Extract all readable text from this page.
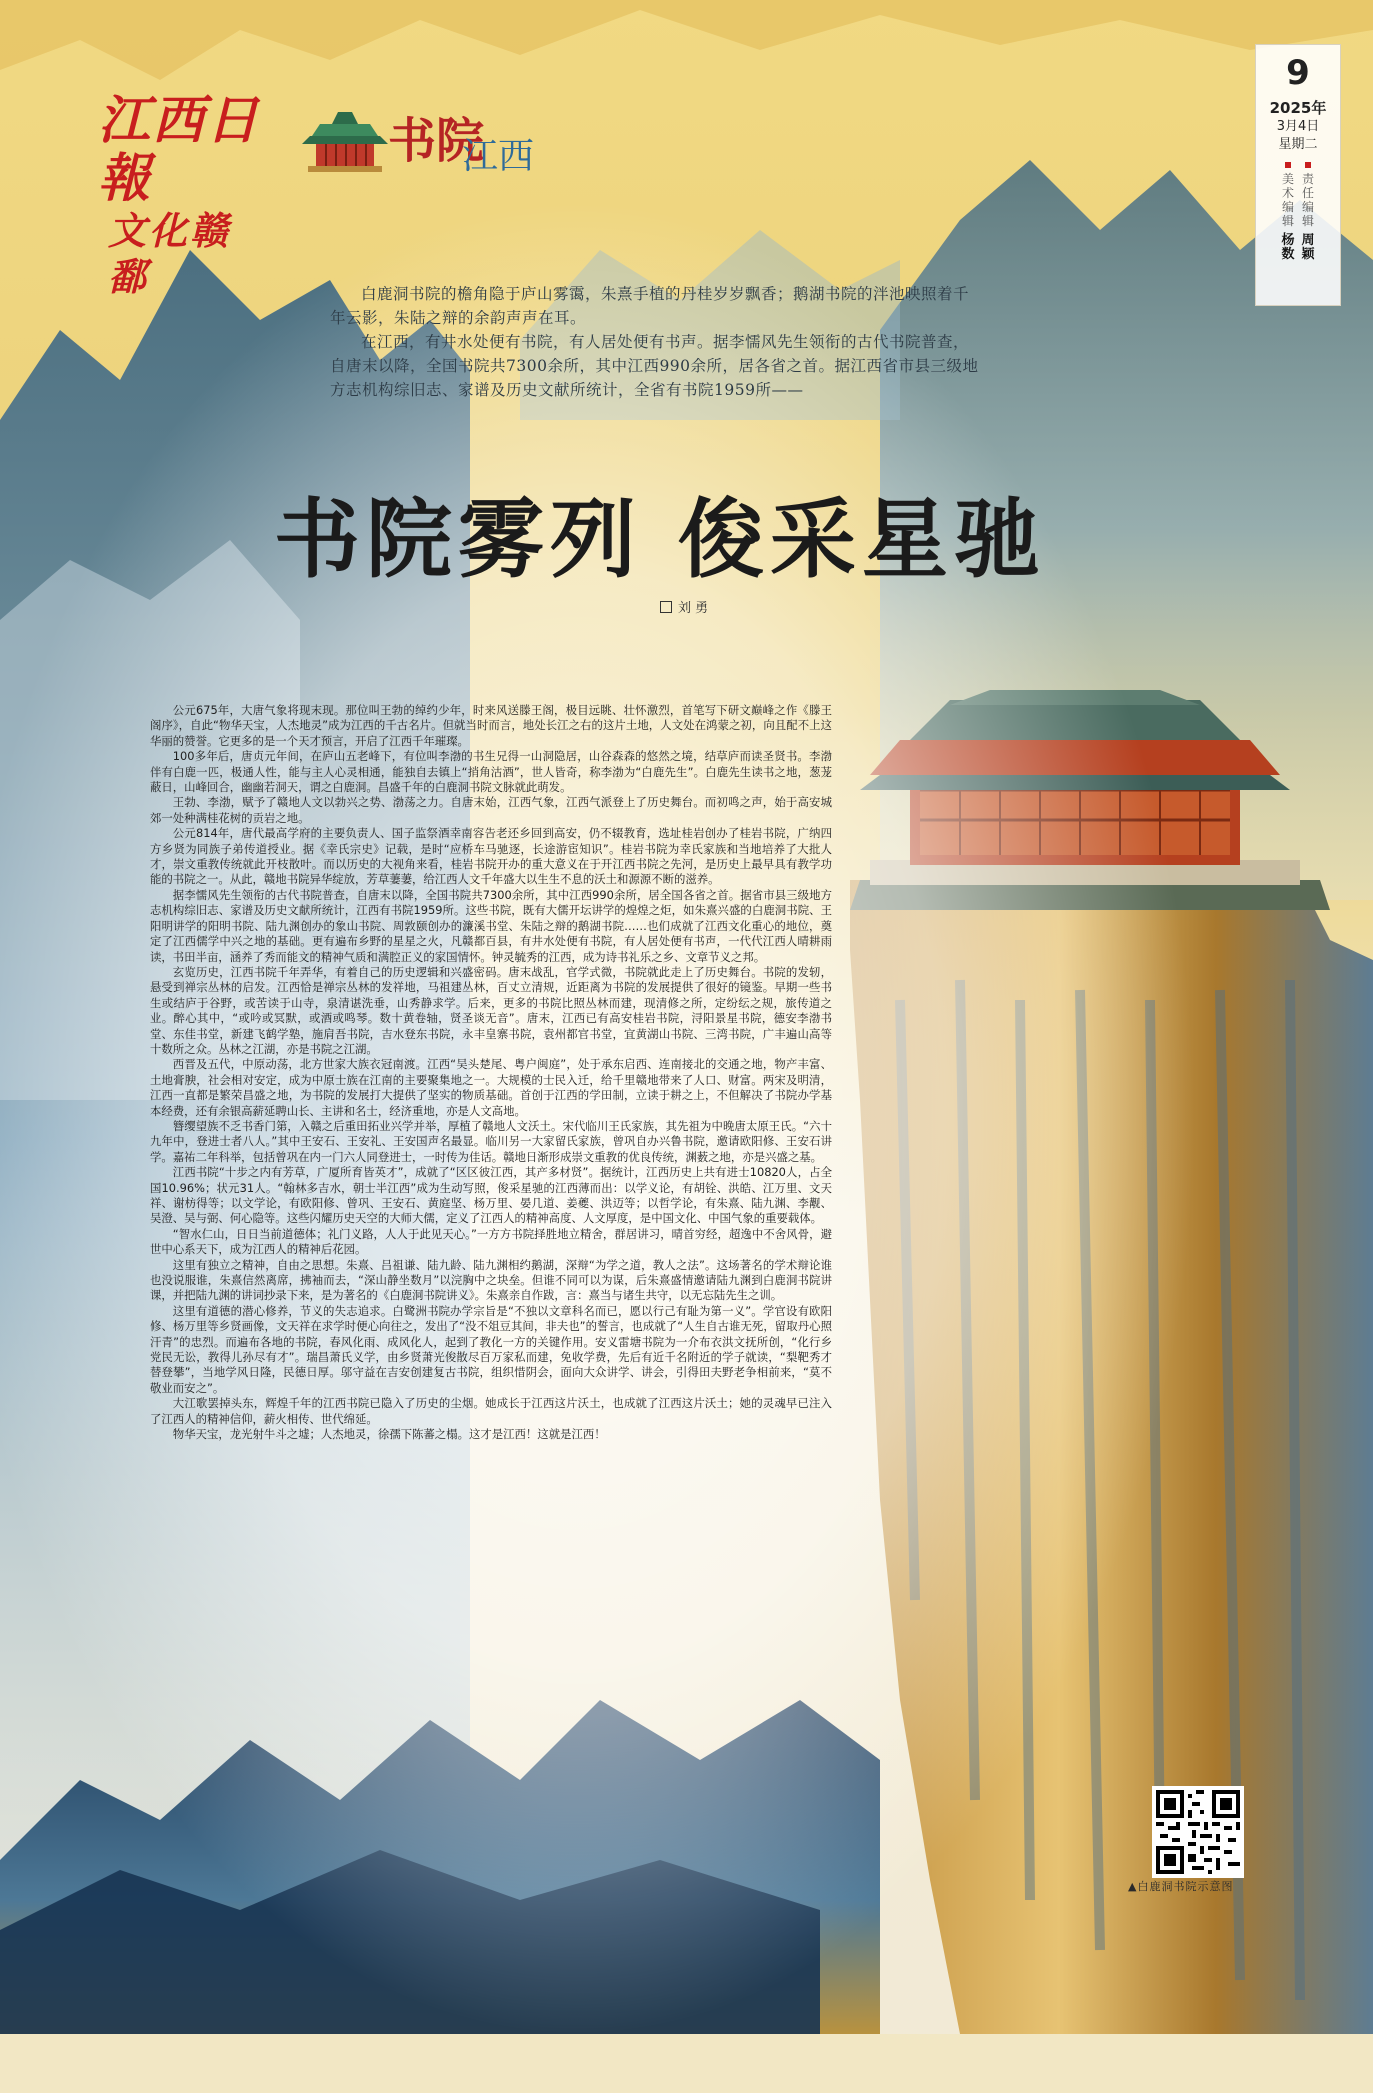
江西日報
文化赣鄱
书院
江西
9
2025年
3月4日
星期二
美术编辑
杨数
责任编辑
周颖

白鹿洞书院的檐角隐于庐山雾霭，朱熹手植的丹桂岁岁飘香；鹅湖书院的泮池映照着千年云影，朱陆之辩的余韵声声在耳。

在江西，有井水处便有书院，有人居处便有书声。据李懦风先生领衔的古代书院普查，自唐末以降，全国书院共7300余所，其中江西990余所，居各省之首。据江西省市县三级地方志机构综旧志、家谱及历史文献所统计，全省有书院1959所——

书院雾列 俊采星驰
刘 勇

公元675年，大唐气象将现末现。那位叫王勃的绰约少年，时来风送滕王阁，极目远眺、壮怀激烈，首笔写下研文巅峰之作《滕王阁序》，自此“物华天宝，人杰地灵”成为江西的千古名片。但就当时而言，地处长江之右的这片土地，人文处在鸿蒙之初，向且配不上这华丽的赞誉。它更多的是一个天才预言，开启了江西千年璀璨。

100多年后，唐贞元年间，在庐山五老峰下，有位叫李渤的书生兄得一山洞隐居，山谷森森的悠然之境，结草庐而读圣贤书。李渤伴有白鹿一匹，极通人性，能与主人心灵相通，能独自去镇上“捎角沽酒”，世人皆奇，称李渤为“白鹿先生”。白鹿先生读书之地，葱茏蔽日，山峰回合，幽幽若洞天，谓之白鹿洞。昌盛千年的白鹿洞书院文脉就此萌发。

王勃、李渤，赋予了赣地人文以勃兴之势、渤荡之力。自唐末始，江西气象，江西气派登上了历史舞台。而初鸣之声，始于高安城郊一处种满桂花树的贡岩之地。

公元814年，唐代最高学府的主要负责人、国子监祭酒幸南容告老还乡回到高安，仍不辍教育，选址桂岩创办了桂岩书院，广纳四方乡贤为同族子弟传道授业。据《幸氏宗史》记载，是时“应桥车马驰逐，长途游宦知识”。桂岩书院为幸氏家族和当地培养了大批人才，崇文重教传统就此开枝散叶。而以历史的大视角来看，桂岩书院开办的重大意义在于开江西书院之先河，是历史上最早具有教学功能的书院之一。从此，赣地书院异华绽放，芳草萋萋，给江西人文千年盛大以生生不息的沃土和源源不断的滋养。

据李懦风先生领衔的古代书院普查，自唐末以降，全国书院共7300余所，其中江西990余所，居全国各省之首。据省市县三级地方志机构综旧志、家谱及历史文献所统计，江西有书院1959所。这些书院，既有大儒开坛讲学的煌煌之炬，如朱熹兴盛的白鹿洞书院、王阳明讲学的阳明书院、陆九渊创办的象山书院、周敦颐创办的濂溪书堂、朱陆之辩的鹅湖书院……也们成就了江西文化重心的地位，奠定了江西儒学中兴之地的基础。更有遍布乡野的星星之火，凡赣都百县，有井水处便有书院，有人居处便有书声，一代代江西人晴耕雨读，书田半亩，涵养了秀而能文的精神气质和满腔正义的家国情怀。钟灵毓秀的江西，成为诗书礼乐之乡、文章节义之邦。

玄览历史，江西书院千年弄华，有着自己的历史逻辑和兴盛密码。唐末战乱，官学式微，书院就此走上了历史舞台。书院的发轫，悬受到禅宗丛林的启发。江西恰是禅宗丛林的发祥地，马祖建丛林，百丈立清规，近距离为书院的发展提供了很好的镜鉴。早期一些书生或结庐于谷野，或苦读于山寺，泉清谌洗垂，山秀静求学。后来，更多的书院比照丛林而建，现清修之所，定纷纭之规，旅传道之业。醉心其中，“或吟或冥默，或酒或鸣琴。数十黄卷轴，贤圣谈无音”。唐末，江西已有高安桂岩书院，浔阳景星书院，德安李渤书堂、东佳书堂，新建飞鹤学塾，施肩吾书院，吉水登东书院，永丰皇寨书院，袁州都官书堂，宜黄湖山书院、三湾书院，广丰遍山高等十数所之众。丛林之江湖，亦是书院之江湖。

西晋及五代，中原动荡，北方世家大族衣冠南渡。江西“吴头楚尾、粤户闽庭”，处于承东启西、连南接北的交通之地，物产丰富、土地膏腴，社会相对安定，成为中原士族在江南的主要聚集地之一。大规模的士民入迁，给千里赣地带来了人口、财富。两宋及明清，江西一直都是繁荣昌盛之地，为书院的发展打大提供了坚实的物质基础。首创于江西的学田制，立读于耕之上，不但解决了书院办学基本经费，还有余银高薪延聘山长、主讲和名士，经济重地，亦是人文高地。

簪缨望族不乏书香门第，入赣之后重田拓业兴学并举，厚植了赣地人文沃土。宋代临川王氏家族，其先祖为中晚唐太原王氏。“六十九年中，登进士者八人。”其中王安石、王安礼、王安国声名最显。临川另一大家留氏家族，曾巩自办兴鲁书院，邀请欧阳修、王安石讲学。嘉祐二年科举，包括曾巩在内一门六人同登进士，一时传为佳话。赣地日渐形成崇文重教的优良传统，渊薮之地，亦是兴盛之基。

江西书院“十步之内有芳草，广厦所育皆英才”，成就了“区区彼江西，其产多材贤”。据统计，江西历史上共有进士10820人，占全国10.96%；状元31人。“翰林多吉水，朝士半江西”成为生动写照，俊采星驰的江西薄而出：以学义论，有胡铨、洪皓、江万里、文天祥、谢枋得等；以文学论，有欧阳修、曾巩、王安石、黄庭坚、杨万里、晏几道、姜夔、洪迈等；以哲学论，有朱熹、陆九渊、李觏、吴澄、吴与弼、何心隐等。这些闪耀历史天空的大师大儒，定义了江西人的精神高度、人文厚度，是中国文化、中国气象的重要载体。

“智水仁山，日日当前道德体；礼门义路，人人于此见天心。”一方方书院择胜地立精舍，群居讲习，晴首穷经，超逸中不舍风骨，避世中心系天下，成为江西人的精神后花园。

这里有独立之精神，自由之思想。朱熹、吕祖谦、陆九龄、陆九渊相约鹅湖，深辩“为学之道，教人之法”。这场著名的学术辩论谁也没说服谁，朱熹信然离席，拂袖而去，“深山静坐数月”以浣胸中之块垒。但谁不同可以为谋，后朱熹盛情邀请陆九渊到白鹿洞书院讲课，并把陆九渊的讲词抄录下来，是为著名的《白鹿洞书院讲义》。朱熹亲自作跋，言：熹当与诸生共守，以无忘陆先生之训。

这里有道德的潜心修养，节义的失志追求。白鹭洲书院办学宗旨是“不独以文章科名而已，愿以行己有耻为第一义”。学官设有欧阳修、杨万里等乡贤画像，文天祥在求学时便心向往之，发出了“没不俎豆其间，非夫也”的誓言，也成就了“人生自古谁无死，留取丹心照汗青”的忠烈。而遍布各地的书院，春风化雨、成风化人，起到了教化一方的关键作用。安义雷塘书院为一介布衣洪文抚所创，“化行乡党民无讼，教得儿孙尽有才”。瑞昌萧氏义学，由乡贤萧光俊散尽百万家私而建，免收学费，先后有近千名附近的学子就读，“梨靶秀才替登攀”，当地学风日隆，民德日厚。邬守益在吉安创建复古书院，组织惜阴会，面向大众讲学、讲会，引得田夫野老争相前来，“莫不敬业而安之”。

大江歌罢掉头东，辉煌千年的江西书院已隐入了历史的尘烟。她成长于江西这片沃土，也成就了江西这片沃土；她的灵魂早已注入了江西人的精神信仰，薪火相传、世代绵延。

物华天宝，龙光射牛斗之墟；人杰地灵，徐孺下陈蕃之榻。这才是江西！这就是江西！

▲白鹿洞书院示意图
